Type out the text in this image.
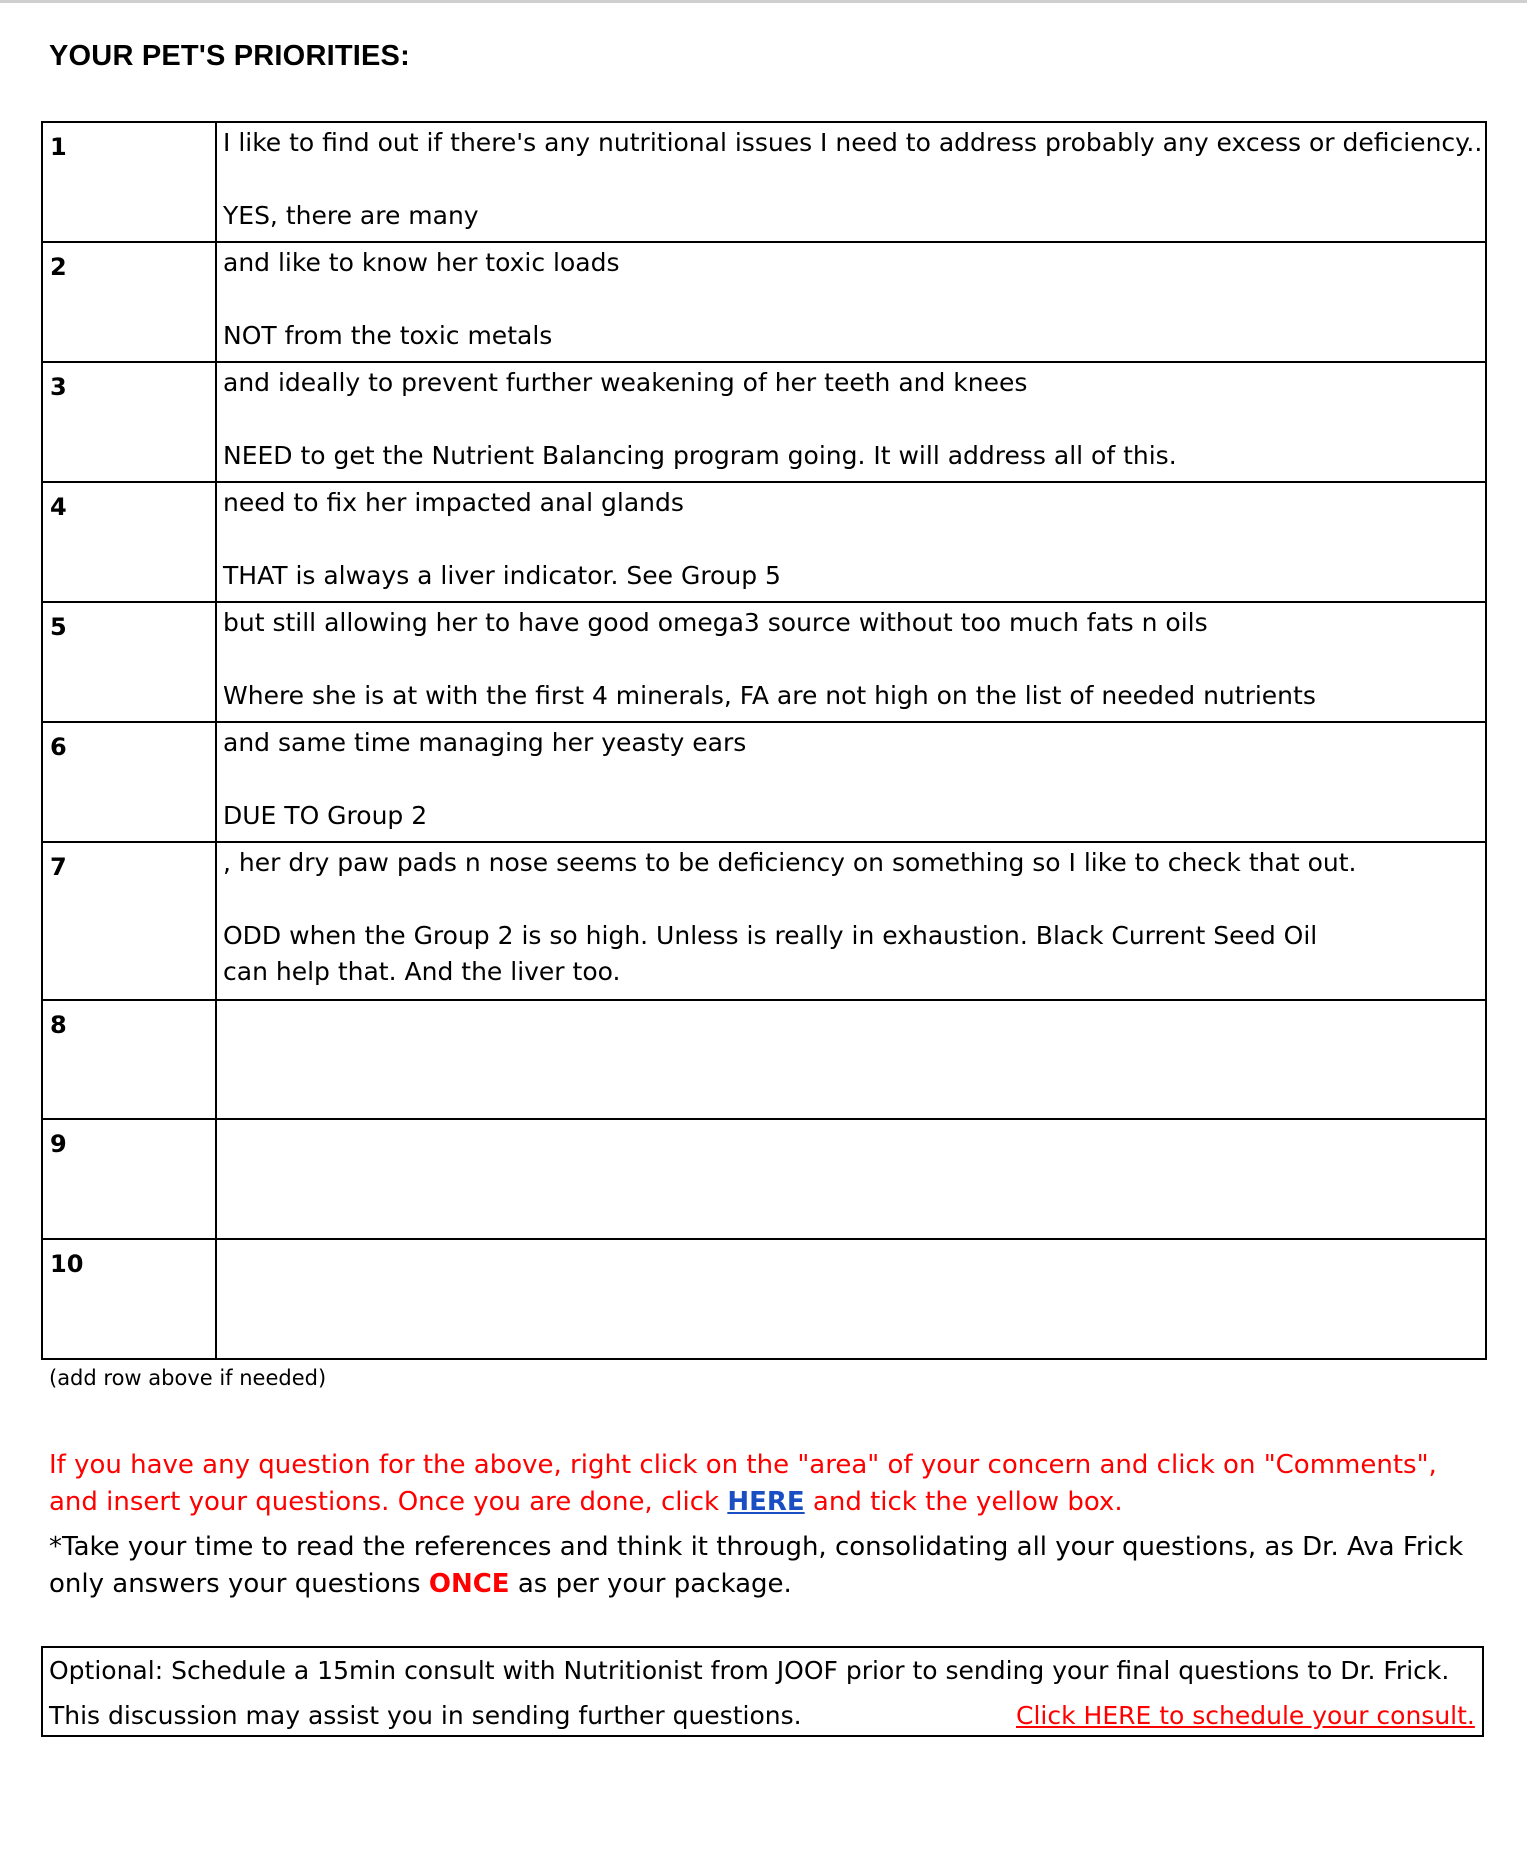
YOUR PET'S PRIORITIES:
1	I like to find out if there's any nutritional issues I need to address probably any excess or deficiency..
YES, there are many

2	and like to know her toxic loads
NOT from the toxic metals

3	and ideally to prevent further weakening of her teeth and knees
NEED to get the Nutrient Balancing program going. It will address all of this.

4	need to fix her impacted anal glands
THAT is always a liver indicator. See Group 5

5	but still allowing her to have good omega3 source without too much fats n oils
Where she is at with the first 4 minerals, FA are not high on the list of needed nutrients

6	and same time managing her yeasty ears
DUE TO Group 2

7	, her dry paw pads n nose seems to be deficiency on something so I like to check that out.
ODD when the Group 2 is so high. Unless is really in exhaustion. Black Current Seed Oil
can help that. And the liver too.

8	
9	
10	
(add row above if needed)
If you have any question for the above, right click on the "area" of your concern and click on "Comments", and insert your questions. Once you are done, click HERE and tick the yellow box.
*Take your time to read the references and think it through, consolidating all your questions, as Dr. Ava Frick only answers your questions ONCE as per your package.
Optional: Schedule a 15min consult with Nutritionist from JOOF prior to sending your final questions to Dr. Frick.
This discussion may assist you in sending further questions.	Click HERE to schedule your consult.
